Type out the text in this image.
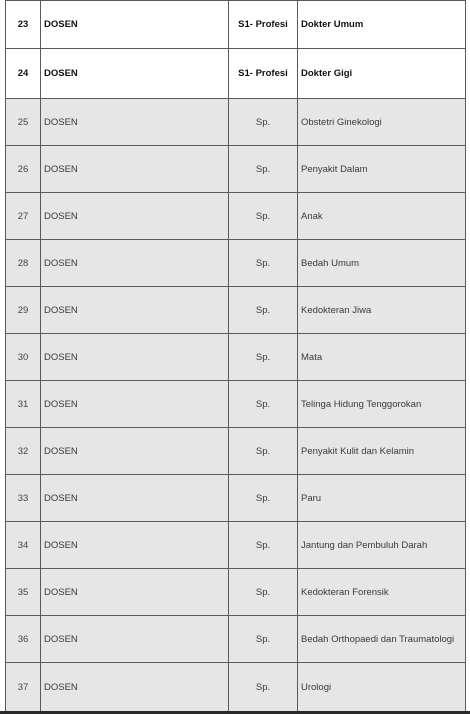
23	DOSEN	S1- Profesi	Dokter Umum
24	DOSEN	S1- Profesi	Dokter Gigi
25	DOSEN	Sp.	Obstetri Ginekologi
26	DOSEN	Sp.	Penyakit Dalam
27	DOSEN	Sp.	Anak
28	DOSEN	Sp.	Bedah Umum
29	DOSEN	Sp.	Kedokteran Jiwa
30	DOSEN	Sp.	Mata
31	DOSEN	Sp.	Telinga Hidung Tenggorokan
32	DOSEN	Sp.	Penyakit Kulit dan Kelamin
33	DOSEN	Sp.	Paru
34	DOSEN	Sp.	Jantung dan Pembuluh Darah
35	DOSEN	Sp.	Kedokteran Forensik
36	DOSEN	Sp.	Bedah Orthopaedi dan Traumatologi
37	DOSEN	Sp.	Urologi
